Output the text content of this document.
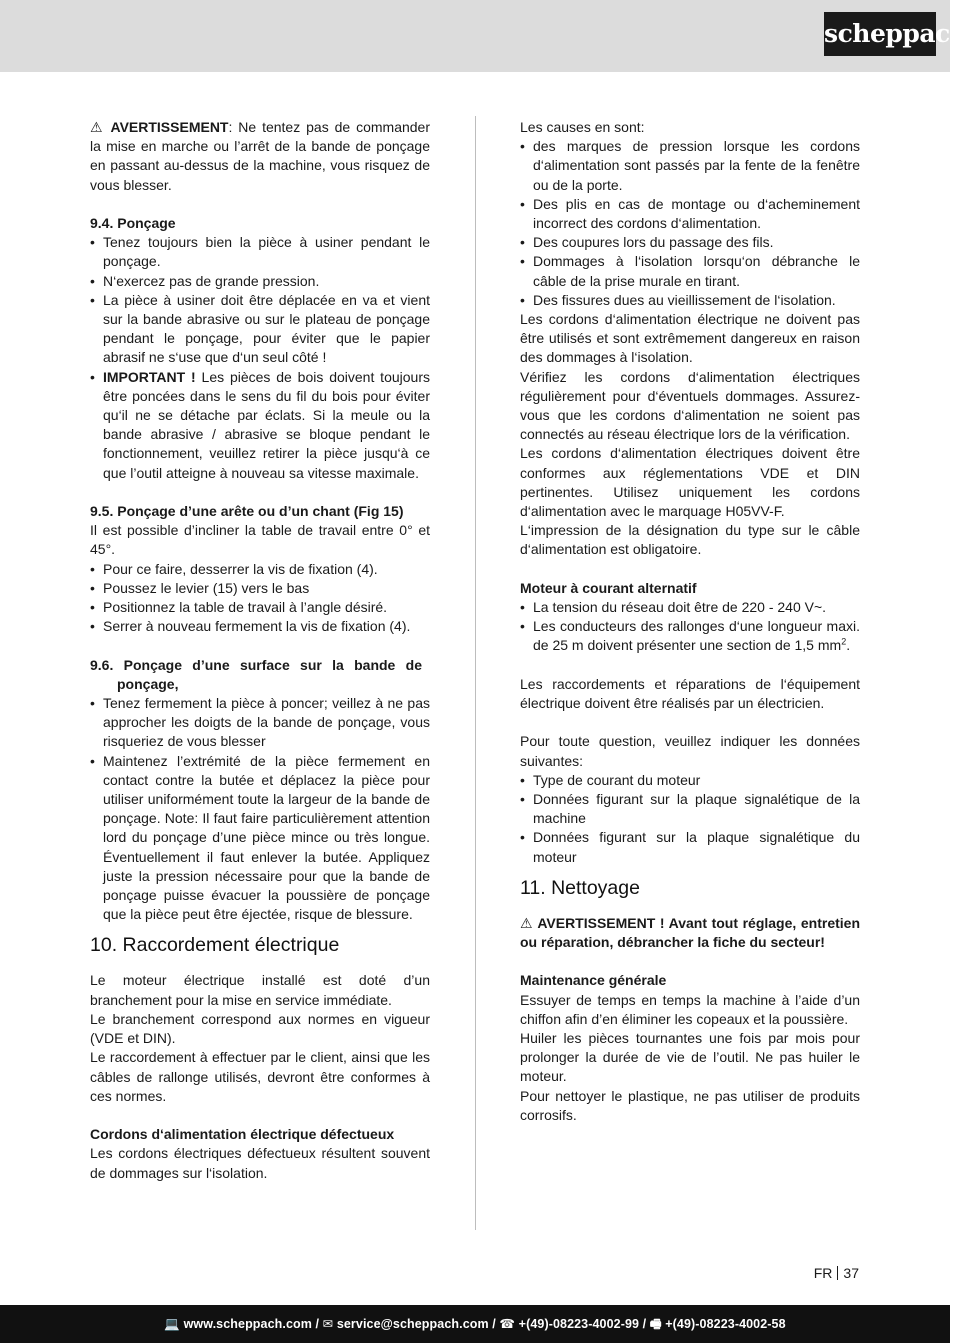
scheppach

⚠ AVERTISSEMENT: Ne tentez pas de commander la mise en marche ou l’arrêt de la bande de ponçage en passant au-dessus de la machine, vous risquez de vous blesser.

9.4. Ponçage

• Tenez toujours bien la pièce à usiner pendant le ponçage.
• N‘exercez pas de grande pression.
• La pièce à usiner doit être déplacée en va et vient sur la bande abrasive ou sur le plateau de ponçage pendant le ponçage, pour éviter que le papier abrasif ne s‘use que d‘un seul côté !
• IMPORTANT ! Les pièces de bois doivent toujours être poncées dans le sens du fil du bois pour éviter qu‘il ne se détache par éclats. Si la meule ou la bande abrasive / abrasive se bloque pendant le fonctionnement, veuillez retirer la pièce jusqu‘à ce que l’outil atteigne à nouveau sa vitesse maximale.

9.5. Ponçage d’une arête ou d’un chant (Fig 15)

Il est possible d’incliner la table de travail entre 0° et 45°.

• Pour ce faire, desserrer la vis de fixation (4).
• Poussez le levier (15) vers le bas
• Positionnez la table de travail à l’angle désiré.
• Serrer à nouveau fermement la vis de fixation (4).

9.6. Ponçage d’une surface sur la bande de ponçage,

• Tenez fermement la pièce à poncer; veillez à ne pas approcher les doigts de la bande de ponçage, vous risqueriez de vous blesser
• Maintenez l’extrémité de la pièce fermement en contact contre la butée et déplacez la pièce pour utiliser uniformément toute la largeur de la bande de ponçage. Note: Il faut faire particulièrement attention lord du ponçage d’une pièce mince ou très longue. Éventuellement il faut enlever la butée. Appliquez juste la pression nécessaire pour que la bande de ponçage puisse évacuer la poussière de ponçage que la pièce peut être éjectée, risque de blessure.
10. Raccordement électrique

Le moteur électrique installé est doté d’un branchement pour la mise en service immédiate.

Le branchement correspond aux normes en vigueur (VDE et DIN).

Le raccordement à effectuer par le client, ainsi que les câbles de rallonge utilisés, devront être conformes à ces normes.

Cordons d‘alimentation électrique défectueux

Les cordons électriques défectueux résultent souvent de dommages sur l‘isolation.

Les causes en sont:

• des marques de pression lorsque les cordons d‘alimentation sont passés par la fente de la fenêtre ou de la porte.
• Des plis en cas de montage ou d‘acheminement incorrect des cordons d‘alimentation.
• Des coupures lors du passage des fils.
• Dommages à l‘isolation lorsqu‘on débranche le câble de la prise murale en tirant.
• Des fissures dues au vieillissement de l‘isolation.

Les cordons d‘alimentation électrique ne doivent pas être utilisés et sont extrêmement dangereux en raison des dommages à l‘isolation.

Vérifiez les cordons d‘alimentation électriques régulièrement pour d‘éventuels dommages. Assurez-vous que les cordons d‘alimentation ne soient pas connectés au réseau électrique lors de la vérification.

Les cordons d‘alimentation électriques doivent être conformes aux réglementations VDE et DIN pertinentes. Utilisez uniquement les cordons d‘alimentation avec le marquage H05VV-F.

L‘impression de la désignation du type sur le câble d‘alimentation est obligatoire.

Moteur à courant alternatif

• La tension du réseau doit être de 220 - 240 V~.
• Les conducteurs des rallonges d‘une longueur maxi. de 25 m doivent présenter une section de 1,5 $mm^2$.

Les raccordements et réparations de l‘équipement électrique doivent être réalisés par un électricien.

Pour toute question, veuillez indiquer les données suivantes:

• Type de courant du moteur
• Données figurant sur la plaque signalétique de la machine
• Données figurant sur la plaque signalétique du moteur
11. Nettoyage

⚠ AVERTISSEMENT ! Avant tout réglage, entretien ou réparation, débrancher la fiche du secteur!

Maintenance générale

Essuyer de temps en temps la machine à l’aide d’un chiffon afin d’en éliminer les copeaux et la poussière.

Huiler les pièces tournantes une fois par mois pour prolonger la durée de vie de l’outil. Ne pas huiler le moteur.

Pour nettoyer le plastique, ne pas utiliser de produits corrosifs.

FR 37
💻 www.scheppach.com / ✉ service@scheppach.com / ☎ +(49)-08223-4002-99 / 🖷 +(49)-08223-4002-58
